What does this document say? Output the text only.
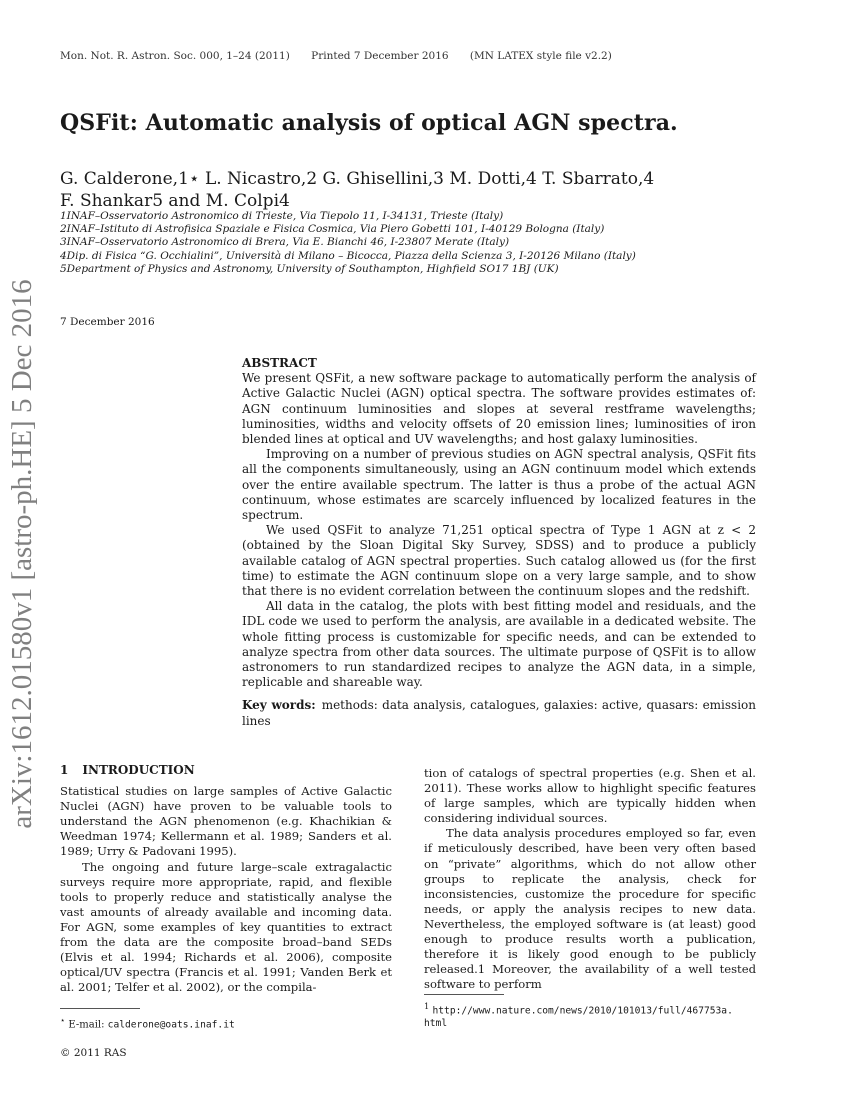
Mon. Not. R. Astron. Soc. 000, 1–24 (2011) Printed 7 December 2016 (MN LATEX style file v2.2)
QSFit: Automatic analysis of optical AGN spectra.
G. Calderone,1⋆ L. Nicastro,2 G. Ghisellini,3 M. Dotti,4 T. Sbarrato,4
F. Shankar5 and M. Colpi4
1INAF–Osservatorio Astronomico di Trieste, Via Tiepolo 11, I-34131, Trieste (Italy)
2INAF–Istituto di Astrofisica Spaziale e Fisica Cosmica, Via Piero Gobetti 101, I-40129 Bologna (Italy)
3INAF–Osservatorio Astronomico di Brera, Via E. Bianchi 46, I-23807 Merate (Italy)
4Dip. di Fisica “G. Occhialini”, Università di Milano – Bicocca, Piazza della Scienza 3, I-20126 Milano (Italy)
5Department of Physics and Astronomy, University of Southampton, Highfield SO17 1BJ (UK)
7 December 2016
ABSTRACT

We present QSFit, a new software package to automatically perform the analysis of Active Galactic Nuclei (AGN) optical spectra. The software provides estimates of: AGN continuum luminosities and slopes at several restframe wavelengths; luminosities, widths and velocity offsets of 20 emission lines; luminosities of iron blended lines at optical and UV wavelengths; and host galaxy luminosities.

Improving on a number of previous studies on AGN spectral analysis, QSFit fits all the components simultaneously, using an AGN continuum model which extends over the entire available spectrum. The latter is thus a probe of the actual AGN continuum, whose estimates are scarcely influenced by localized features in the spectrum.

We used QSFit to analyze 71,251 optical spectra of Type 1 AGN at z < 2 (obtained by the Sloan Digital Sky Survey, SDSS) and to produce a publicly available catalog of AGN spectral properties. Such catalog allowed us (for the first time) to estimate the AGN continuum slope on a very large sample, and to show that there is no evident correlation between the continuum slopes and the redshift.

All data in the catalog, the plots with best fitting model and residuals, and the IDL code we used to perform the analysis, are available in a dedicated website. The whole fitting process is customizable for specific needs, and can be extended to analyze spectra from other data sources. The ultimate purpose of QSFit is to allow astronomers to run standardized recipes to analyze the AGN data, in a simple, replicable and shareable way.

Key words: methods: data analysis, catalogues, galaxies: active, quasars: emission lines

arXiv:1612.01580v1 [astro-ph.HE] 5 Dec 2016 1 INTRODUCTION

Statistical studies on large samples of Active Galactic Nuclei (AGN) have proven to be valuable tools to understand the AGN phenomenon (e.g. Khachikian & Weedman 1974; Kellermann et al. 1989; Sanders et al. 1989; Urry & Padovani 1995).

The ongoing and future large–scale extragalactic surveys require more appropriate, rapid, and flexible tools to properly reduce and statistically analyse the vast amounts of already available and incoming data. For AGN, some examples of key quantities to extract from the data are the composite broad–band SEDs (Elvis et al. 1994; Richards et al. 2006), composite optical/UV spectra (Francis et al. 1991; Vanden Berk et al. 2001; Telfer et al. 2002), or the compila-

tion of catalogs of spectral properties (e.g. Shen et al. 2011). These works allow to highlight specific features of large samples, which are typically hidden when considering individual sources.

The data analysis procedures employed so far, even if meticulously described, have been very often based on “private” algorithms, which do not allow other groups to replicate the analysis, check for inconsistencies, customize the procedure for specific needs, or apply the analysis recipes to new data. Nevertheless, the employed software is (at least) good enough to produce results worth a publication, therefore it is likely good enough to be publicly released.1 Moreover, the availability of a well tested software to perform

$^1$ http://www.nature.com/news/2010/101013/full/467753a.
html
⋆ E-mail: calderone@oats.inaf.it
© 2011 RAS
